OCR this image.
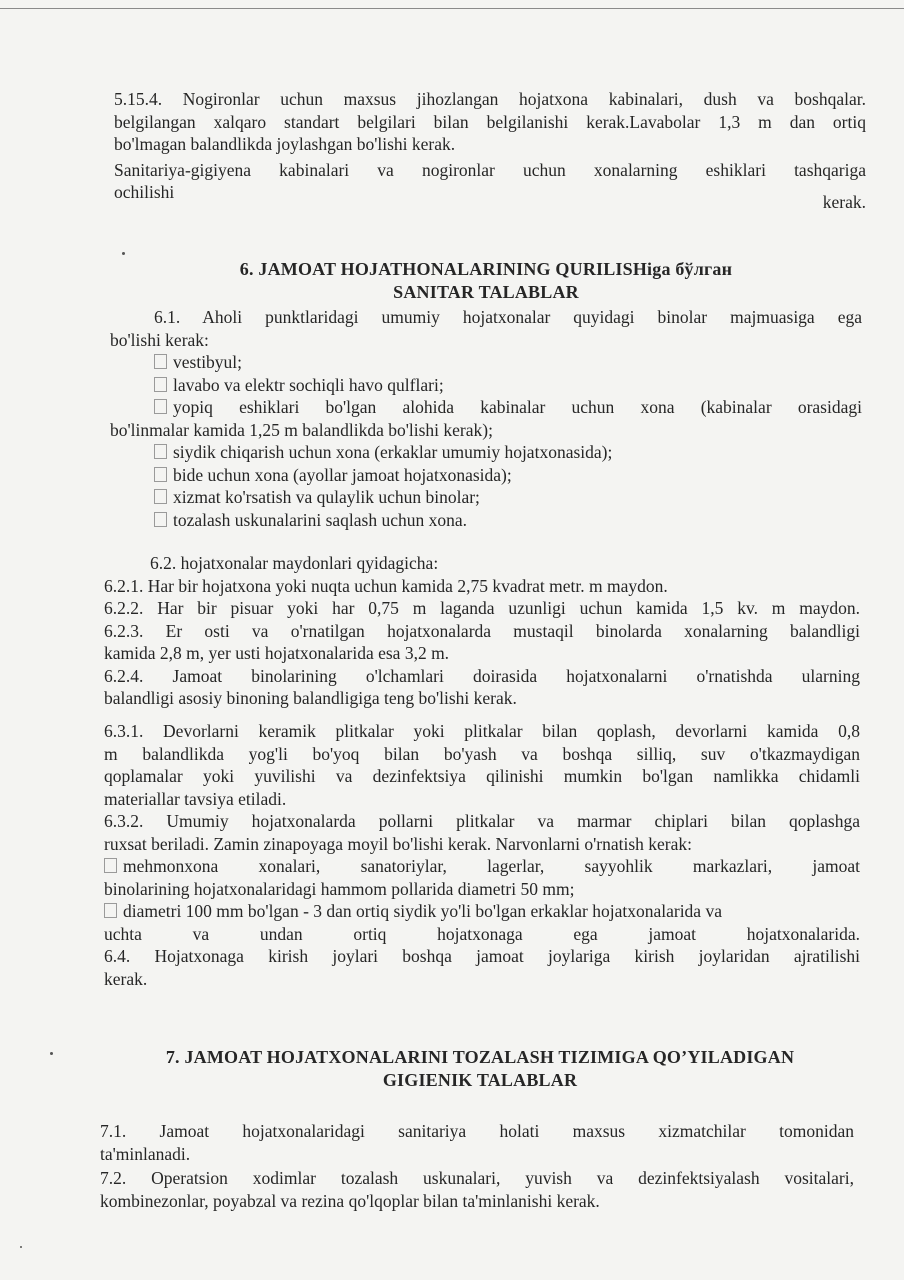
5.15.4. Nogironlar uchun maxsus jihozlangan hojatxona kabinalari, dush va boshqalar.
belgilangan xalqaro standart belgilari bilan belgilanishi kerak.Lavabolar 1,3 m dan ortiq
bo'lmagan balandlikda joylashgan bo'lishi kerak.
Sanitariya-gigiyena kabinalari va nogironlar uchun xonalarning eshiklari tashqariga
ochilishi	kerak.
6. JAMOAT HOJATHONALARINING QURILISHiga бўлган
SANITAR TALABLAR
6.1. Aholi punktlaridagi umumiy hojatxonalar quyidagi binolar majmuasiga ega
bo'lishi kerak:
vestibyul;
lavabo va elektr sochiqli havo qulflari;
yopiq eshiklari bo'lgan alohida kabinalar uchun xona (kabinalar orasidagi
bo'linmalar kamida 1,25 m balandlikda bo'lishi kerak);
siydik chiqarish uchun xona (erkaklar umumiy hojatxonasida);
bide uchun xona (ayollar jamoat hojatxonasida);
xizmat ko'rsatish va qulaylik uchun binolar;
tozalash uskunalarini saqlash uchun xona.
6.2. hojatxonalar maydonlari qyidagicha:
6.2.1. Har bir hojatxona yoki nuqta uchun kamida 2,75 kvadrat metr. m maydon.
6.2.2. Har bir pisuar yoki har 0,75 m laganda uzunligi uchun kamida 1,5 kv. m maydon.
6.2.3. Er osti va o'rnatilgan hojatxonalarda mustaqil binolarda xonalarning balandligi
kamida 2,8 m, yer usti hojatxonalarida esa 3,2 m.
6.2.4. Jamoat binolarining o'lchamlari doirasida hojatxonalarni o'rnatishda ularning
balandligi asosiy binoning balandligiga teng bo'lishi kerak.
6.3.1. Devorlarni keramik plitkalar yoki plitkalar bilan qoplash, devorlarni kamida 0,8
m balandlikda yog'li bo'yoq bilan bo'yash va boshqa silliq, suv o'tkazmaydigan
qoplamalar yoki yuvilishi va dezinfektsiya qilinishi mumkin bo'lgan namlikka chidamli
materiallar tavsiya etiladi.
6.3.2. Umumiy hojatxonalarda pollarni plitkalar va marmar chiplari bilan qoplashga
ruxsat beriladi. Zamin zinapoyaga moyil bo'lishi kerak. Narvonlarni o'rnatish kerak:
mehmonxona xonalari, sanatoriylar, lagerlar, sayyohlik markazlari, jamoat
binolarining hojatxonalaridagi hammom pollarida diametri 50 mm;
diametri 100 mm bo'lgan - 3 dan ortiq siydik yo'li bo'lgan erkaklar hojatxonalarida va
uchta va undan ortiq hojatxonaga ega jamoat hojatxonalarida.
6.4. Hojatxonaga kirish joylari boshqa jamoat joylariga kirish joylaridan ajratilishi
kerak.
7. JAMOAT HOJATXONALARINI TOZALASH TIZIMIGA QO’YILADIGAN
GIGIENIK TALABLAR
7.1. Jamoat hojatxonalaridagi sanitariya holati maxsus xizmatchilar tomonidan
ta'minlanadi.
7.2. Operatsion xodimlar tozalash uskunalari, yuvish va dezinfektsiyalash vositalari,
kombinezonlar, poyabzal va rezina qo'lqoplar bilan ta'minlanishi kerak.
